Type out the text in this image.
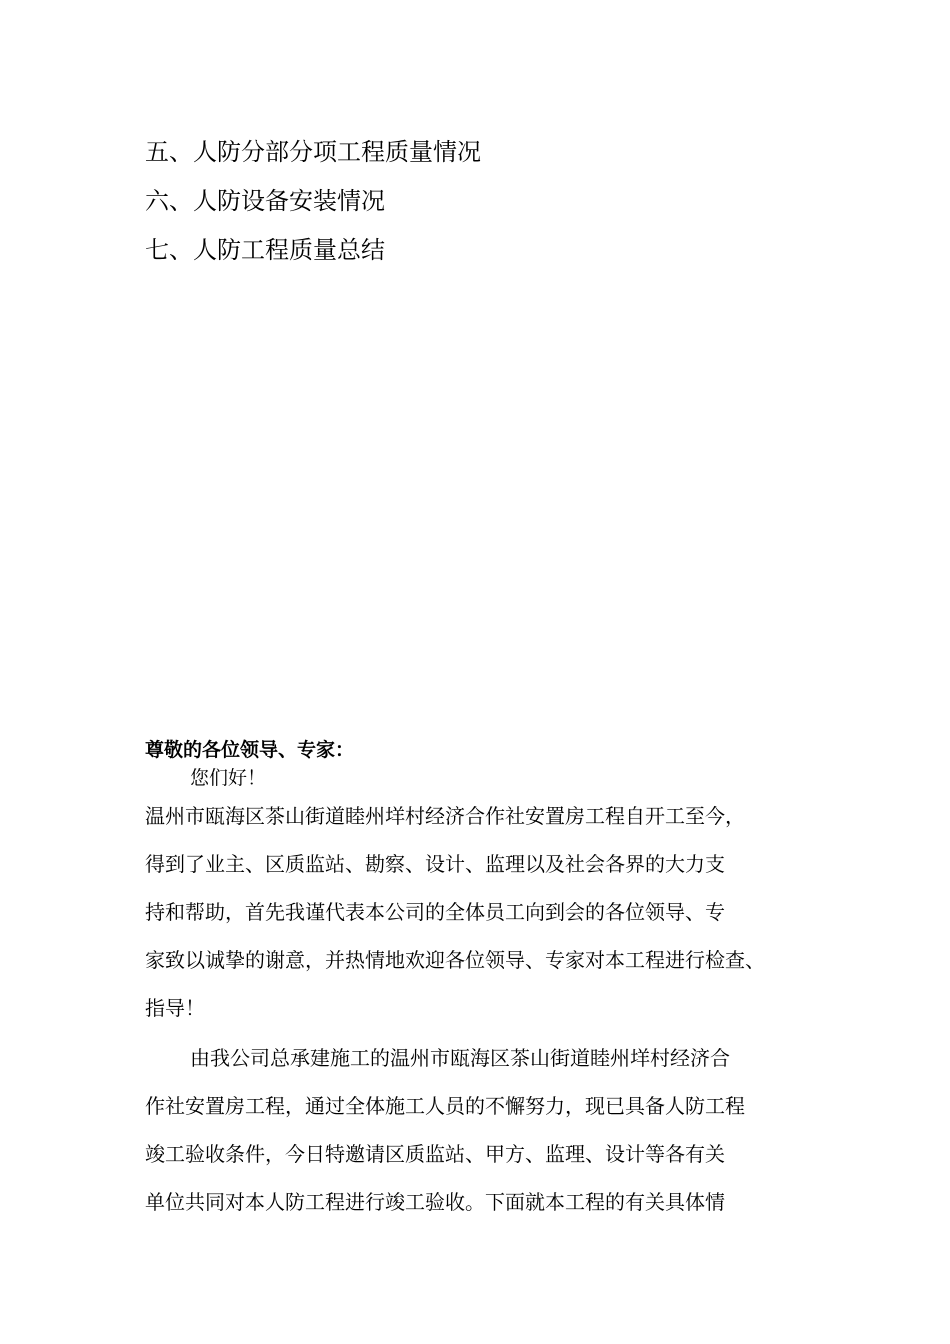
五、人防分部分项工程质量情况
六、人防设备安装情况
七、人防工程质量总结
尊敬的各位领导、专家：
您们好！
温州市瓯海区茶山街道睦州垟村经济合作社安置房工程自开工至今，
得到了业主、区质监站、勘察、设计、监理以及社会各界的大力支
持和帮助，首先我谨代表本公司的全体员工向到会的各位领导、专
家致以诚挚的谢意，并热情地欢迎各位领导、专家对本工程进行检查、
指导！
由我公司总承建施工的温州市瓯海区茶山街道睦州垟村经济合
作社安置房工程，通过全体施工人员的不懈努力，现已具备人防工程
竣工验收条件，今日特邀请区质监站、甲方、监理、设计等各有关
单位共同对本人防工程进行竣工验收。下面就本工程的有关具体情
